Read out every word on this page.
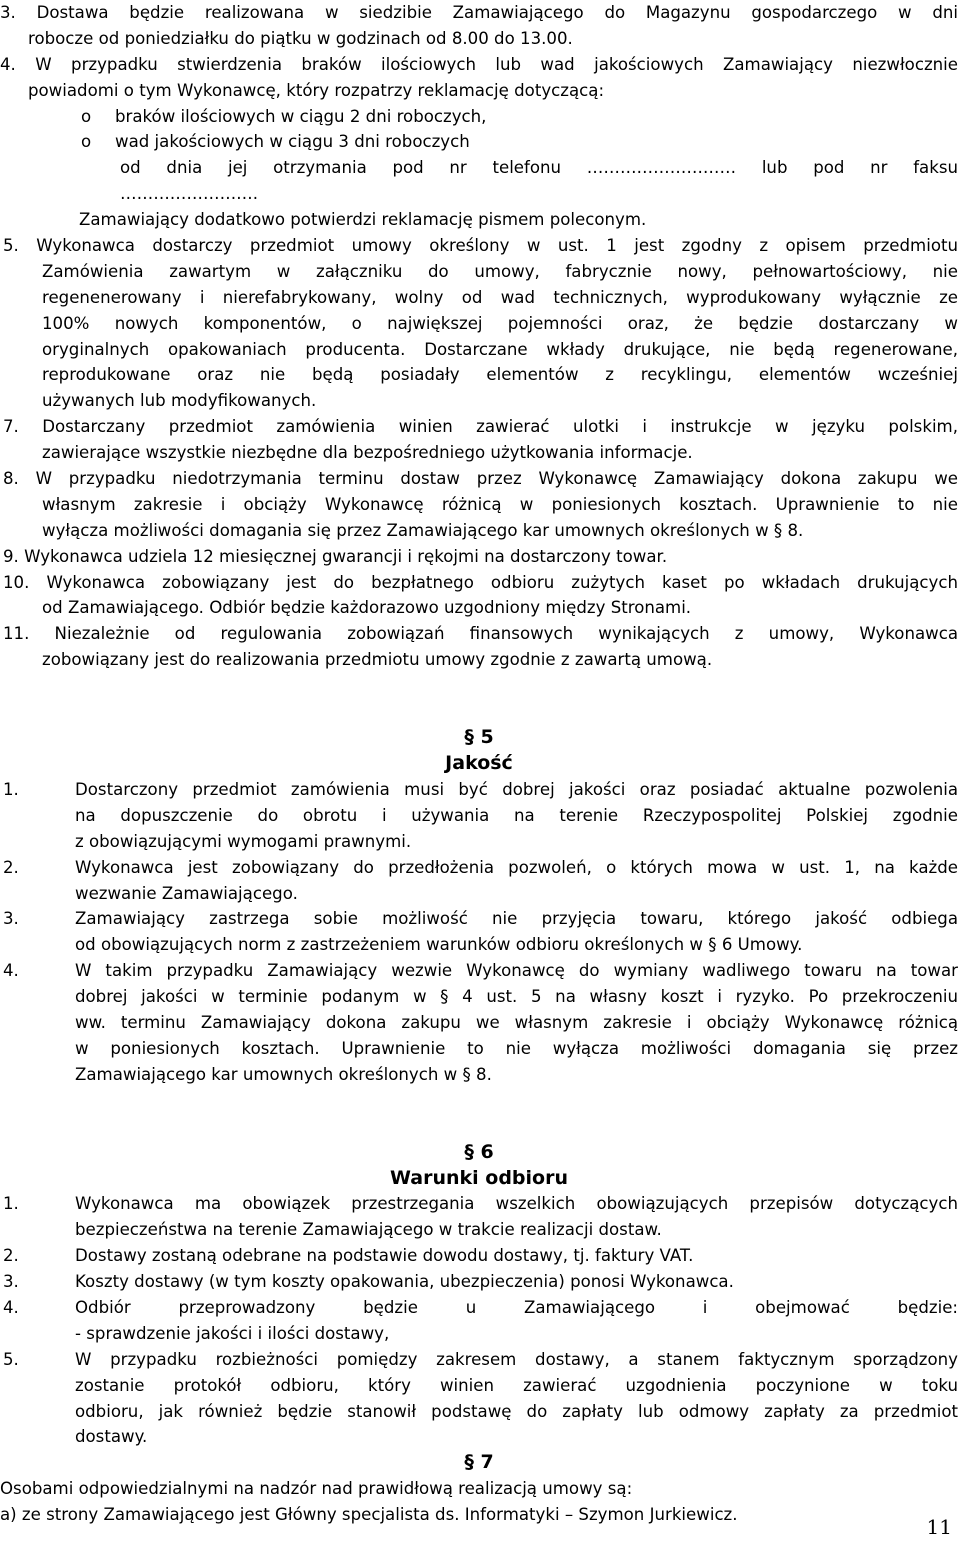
3. Dostawa będzie realizowana w siedzibie Zamawiającego do Magazynu gospodarczego w dni

robocze od poniedziałku do piątku w godzinach od 8.00 do 13.00.

4. W przypadku stwierdzenia braków ilościowych lub wad jakościowych Zamawiający niezwłocznie

powiadomi o tym Wykonawcę, który rozpatrzy reklamację dotyczącą:

o braków ilościowych w ciągu 2 dni roboczych,

o wad jakościowych w ciągu 3 dni roboczych

od dnia jej otrzymania pod nr telefonu ……………………… lub pod nr faksu

…………………….

Zamawiający dodatkowo potwierdzi reklamację pismem poleconym.

5. Wykonawca dostarczy przedmiot umowy określony w ust. 1 jest zgodny z opisem przedmiotu

Zamówienia zawartym w załączniku do umowy, fabrycznie nowy, pełnowartościowy, nie

regenenerowany i nierefabrykowany, wolny od wad technicznych, wyprodukowany wyłącznie ze

100% nowych komponentów, o największej pojemności oraz, że będzie dostarczany w

oryginalnych opakowaniach producenta. Dostarczane wkłady drukujące, nie będą regenerowane,

reprodukowane oraz nie będą posiadały elementów z recyklingu, elementów wcześniej

używanych lub modyfikowanych.

7. Dostarczany przedmiot zamówienia winien zawierać ulotki i instrukcje w języku polskim,

zawierające wszystkie niezbędne dla bezpośredniego użytkowania informacje.

8. W przypadku niedotrzymania terminu dostaw przez Wykonawcę Zamawiający dokona zakupu we

własnym zakresie i obciąży Wykonawcę różnicą w poniesionych kosztach. Uprawnienie to nie

wyłącza możliwości domagania się przez Zamawiającego kar umownych określonych w § 8.

9. Wykonawca udziela 12 miesięcznej gwarancji i rękojmi na dostarczony towar.

10. Wykonawca zobowiązany jest do bezpłatnego odbioru zużytych kaset po wkładach drukujących

od Zamawiającego. Odbiór będzie każdorazowo uzgodniony między Stronami.

11. Niezależnie od regulowania zobowiązań finansowych wynikających z umowy, Wykonawca

zobowiązany jest do realizowania przedmiotu umowy zgodnie z zawartą umową.

§ 5

Jakość

1.	Dostarczony przedmiot zamówienia musi być dobrej jakości oraz posiadać aktualne pozwolenia

na dopuszczenie do obrotu i używania na terenie Rzeczypospolitej Polskiej zgodnie

z obowiązującymi wymogami prawnymi.

2.	Wykonawca jest zobowiązany do przedłożenia pozwoleń, o których mowa w ust. 1, na każde

wezwanie Zamawiającego.

3.	Zamawiający zastrzega sobie możliwość nie przyjęcia towaru, którego jakość odbiega

od obowiązujących norm z zastrzeżeniem warunków odbioru określonych w § 6 Umowy.

4.	W takim przypadku Zamawiający wezwie Wykonawcę do wymiany wadliwego towaru na towar

dobrej jakości w terminie podanym w § 4 ust. 5 na własny koszt i ryzyko. Po przekroczeniu

ww. terminu Zamawiający dokona zakupu we własnym zakresie i obciąży Wykonawcę różnicą

w poniesionych kosztach. Uprawnienie to nie wyłącza możliwości domagania się przez

Zamawiającego kar umownych określonych w § 8.

§ 6

Warunki odbioru

1.	Wykonawca ma obowiązek przestrzegania wszelkich obowiązujących przepisów dotyczących

bezpieczeństwa na terenie Zamawiającego w trakcie realizacji dostaw.

2.	Dostawy zostaną odebrane na podstawie dowodu dostawy, tj. faktury VAT.

3.	Koszty dostawy (w tym koszty opakowania, ubezpieczenia) ponosi Wykonawca.

4.	Odbiór przeprowadzony będzie u Zamawiającego i obejmować będzie:

- sprawdzenie jakości i ilości dostawy,

5.	W przypadku rozbieżności pomiędzy zakresem dostawy, a stanem faktycznym sporządzony

zostanie protokół odbioru, który winien zawierać uzgodnienia poczynione w toku

odbioru, jak również będzie stanowił podstawę do zapłaty lub odmowy zapłaty za przedmiot

dostawy.

§ 7

Osobami odpowiedzialnymi na nadzór nad prawidłową realizacją umowy są:

a) ze strony Zamawiającego jest Główny specjalista ds. Informatyki – Szymon Jurkiewicz.

11
